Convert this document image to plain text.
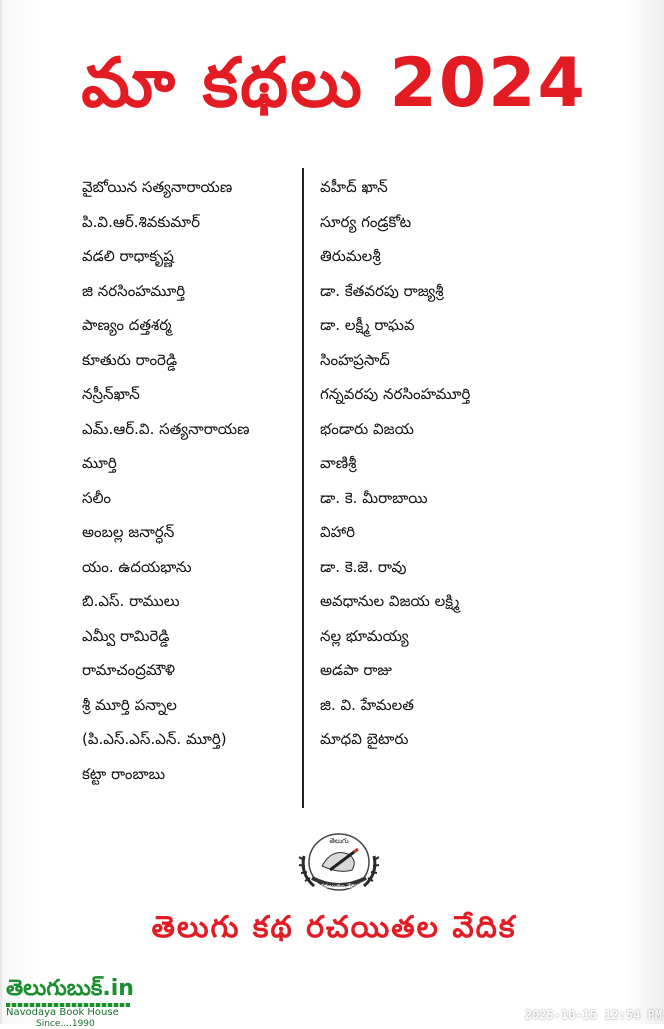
మా కథలు 2024
వైబోయిన సత్యనారాయణ
పి.వి.ఆర్.శివకుమార్
వడలి రాధాకృష్ణ
జి నరసింహమూర్తి
పాణ్యం దత్తశర్మ
కూతురు రాంరెడ్డి
నస్రీన్‌ఖాన్
ఎమ్.ఆర్.వి. సత్యనారాయణ
మూర్తి
సలీం
అంబల్ల జనార్ధన్
యం. ఉదయభాను
బి.ఎస్. రాములు
ఎమ్వీ రామిరెడ్డి
రామాచంద్రమౌళి
శ్రీ మూర్తి పన్నాల
(పి.ఎస్.ఎస్.ఎన్. మూర్తి)
కట్టా రాంబాబు
వహీద్ ఖాన్
సూర్య గండ్రకోట
తిరుమలశ్రీ
డా. కేతవరపు రాజ్యశ్రీ
డా. లక్ష్మీ రాఘవ
సింహప్రసాద్
గన్నవరపు నరసింహమూర్తి
భండారు విజయ
వాణిశ్రీ
డా. కె. మీరాబాయి
విహారి
డా. కె.జె. రావు
అవధానుల విజయ లక్ష్మి
నల్ల భూమయ్య
అడపా రాజు
జి. వి. హేమలత
మాధవి బైటారు
తెలుగు
రచయితల వేదిక
తెలుగు కథ రచయితల వేదిక
తెలుగుబుక్.in
Navodaya Book House
Since....1990
2025-10-15 12:54 PM
